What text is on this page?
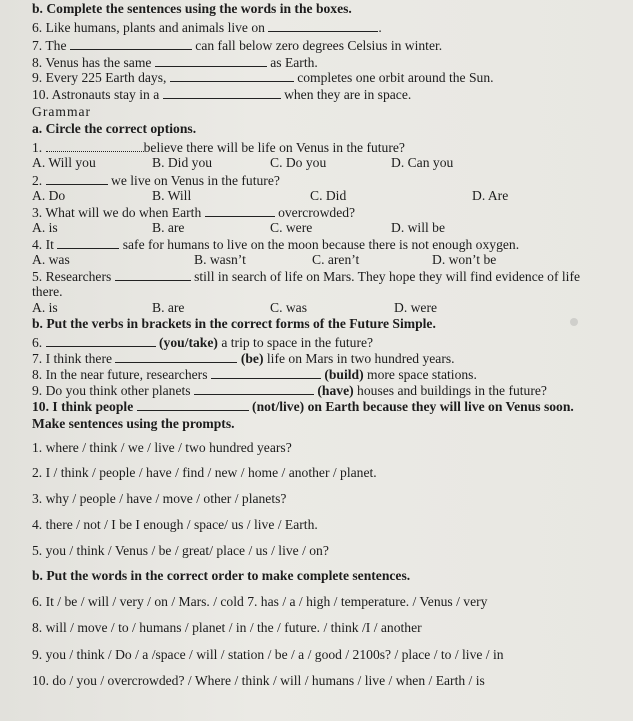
b. Complete the sentences using the words in the boxes.
6. Like humans, plants and animals live on	.
7. The	can fall below zero degrees Celsius in winter.
8. Venus has the same	as Earth.
9. Every 225 Earth days,	completes one orbit around the Sun.
10. Astronauts stay in a	when they are in space.
Grammar
a. Circle the correct options.
1.	believe there will be life on Venus in the future?
A. Will you	B. Did you	C. Do you	D. Can you
2.	we live on Venus in the future?
A. Do	B. Will	C. Did	D. Are
3. What will we do when Earth	overcrowded?
A. is	B. are	C. were	D. will be
4. It	safe for humans to live on the moon because there is not enough oxygen.
A. was	B. wasn’t	C. aren’t	D. won’t be
5. Researchers	still in search of life on Mars. They hope they will find evidence of life
there.
A. is	B. are	C. was	D. were
b. Put the verbs in brackets in the correct forms of the Future Simple.
6.	(you/take) a trip to space in the future?
7. I think there	(be) life on Mars in two hundred years.
8. In the near future, researchers	(build) more space stations.
9. Do you think other planets	(have) houses and buildings in the future?
10. I think people	(not/live) on Earth because they will live on Venus soon.
Make sentences using the prompts.
1. where / think / we / live / two hundred years?
2. I / think / people / have / find / new / home / another / planet.
3. why / people / have / move / other / planets?
4. there / not / I be I enough / space/ us / live / Earth.
5. you / think / Venus / be / great/ place / us / live / on?
b. Put the words in the correct order to make complete sentences.
6. It / be / will / very / on / Mars. / cold 7. has / a / high / temperature. / Venus / very
8. will / move / to / humans / planet / in / the / future. / think /I / another
9. you / think / Do / a /space / will / station / be / a / good / 2100s? / place / to / live / in
10. do / you / overcrowded? / Where / think / will / humans / live / when / Earth / is
